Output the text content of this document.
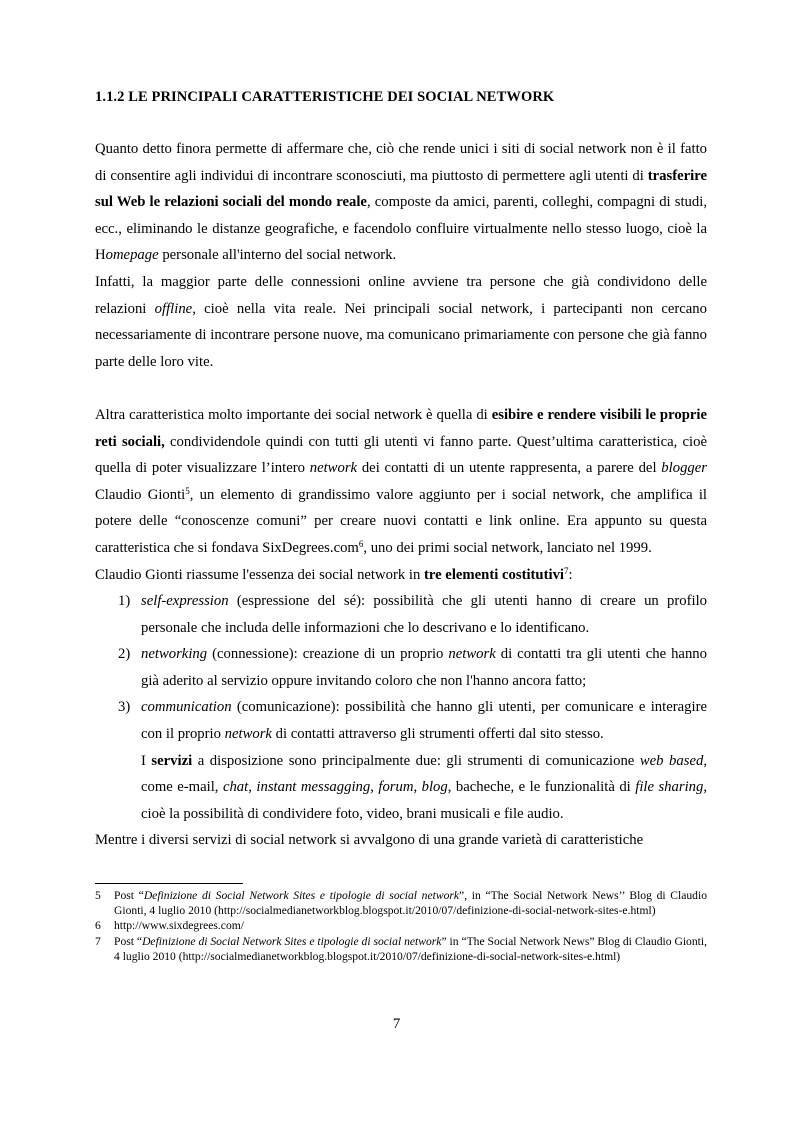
1.1.2 LE PRINCIPALI CARATTERISTICHE DEI SOCIAL NETWORK

Quanto detto finora permette di affermare che, ciò che rende unici i siti di social network non è il fatto di consentire agli individui di incontrare sconosciuti, ma piuttosto di permettere agli utenti di trasferire sul Web le relazioni sociali del mondo reale, composte da amici, parenti, colleghi, compagni di studi, ecc., eliminando le distanze geografiche, e facendolo confluire virtualmente nello stesso luogo, cioè la Homepage personale all'interno del social network.

Infatti, la maggior parte delle connessioni online avviene tra persone che già condividono delle relazioni offline, cioè nella vita reale. Nei principali social network, i partecipanti non cercano necessariamente di incontrare persone nuove, ma comunicano primariamente con persone che già fanno parte delle loro vite.

Altra caratteristica molto importante dei social network è quella di esibire e rendere visibili le proprie reti sociali, condividendole quindi con tutti gli utenti vi fanno parte. Quest’ultima caratteristica, cioè quella di poter visualizzare l’intero network dei contatti di un utente rappresenta, a parere del blogger Claudio Gionti$^5$, un elemento di grandissimo valore aggiunto per i social network, che amplifica il potere delle “conoscenze comuni” per creare nuovi contatti e link online. Era appunto su questa caratteristica che si fondava SixDegrees.com$^6$, uno dei primi social network, lanciato nel 1999.

Claudio Gionti riassume l'essenza dei social network in tre elementi costitutivi$^7$:

1) self-expression (espressione del sé): possibilità che gli utenti hanno di creare un profilo personale che includa delle informazioni che lo descrivano e lo identificano.
2) networking (connessione): creazione di un proprio network di contatti tra gli utenti che hanno già aderito al servizio oppure invitando coloro che non l'hanno ancora fatto;
3) communication (comunicazione): possibilità che hanno gli utenti, per comunicare e interagire con il proprio network di contatti attraverso gli strumenti offerti dal sito stesso.

I servizi a disposizione sono principalmente due: gli strumenti di comunicazione web based, come e-mail, chat, instant messagging, forum, blog, bacheche, e le funzionalità di file sharing, cioè la possibilità di condividere foto, video, brani musicali e file audio.

Mentre i diversi servizi di social network si avvalgono di una grande varietà di caratteristiche

5 Post “Definizione di Social Network Sites e tipologie di social network”, in “The Social Network News’’ Blog di Claudio Gionti, 4 luglio 2010 (http://socialmedianetworkblog.blogspot.it/2010/07/definizione-di-social-network-sites-e.html)
6 http://www.sixdegrees.com/
7 Post “Definizione di Social Network Sites e tipologie di social network” in “The Social Network News” Blog di Claudio Gionti, 4 luglio 2010 (http://socialmedianetworkblog.blogspot.it/2010/07/definizione-di-social-network-sites-e.html)
7
